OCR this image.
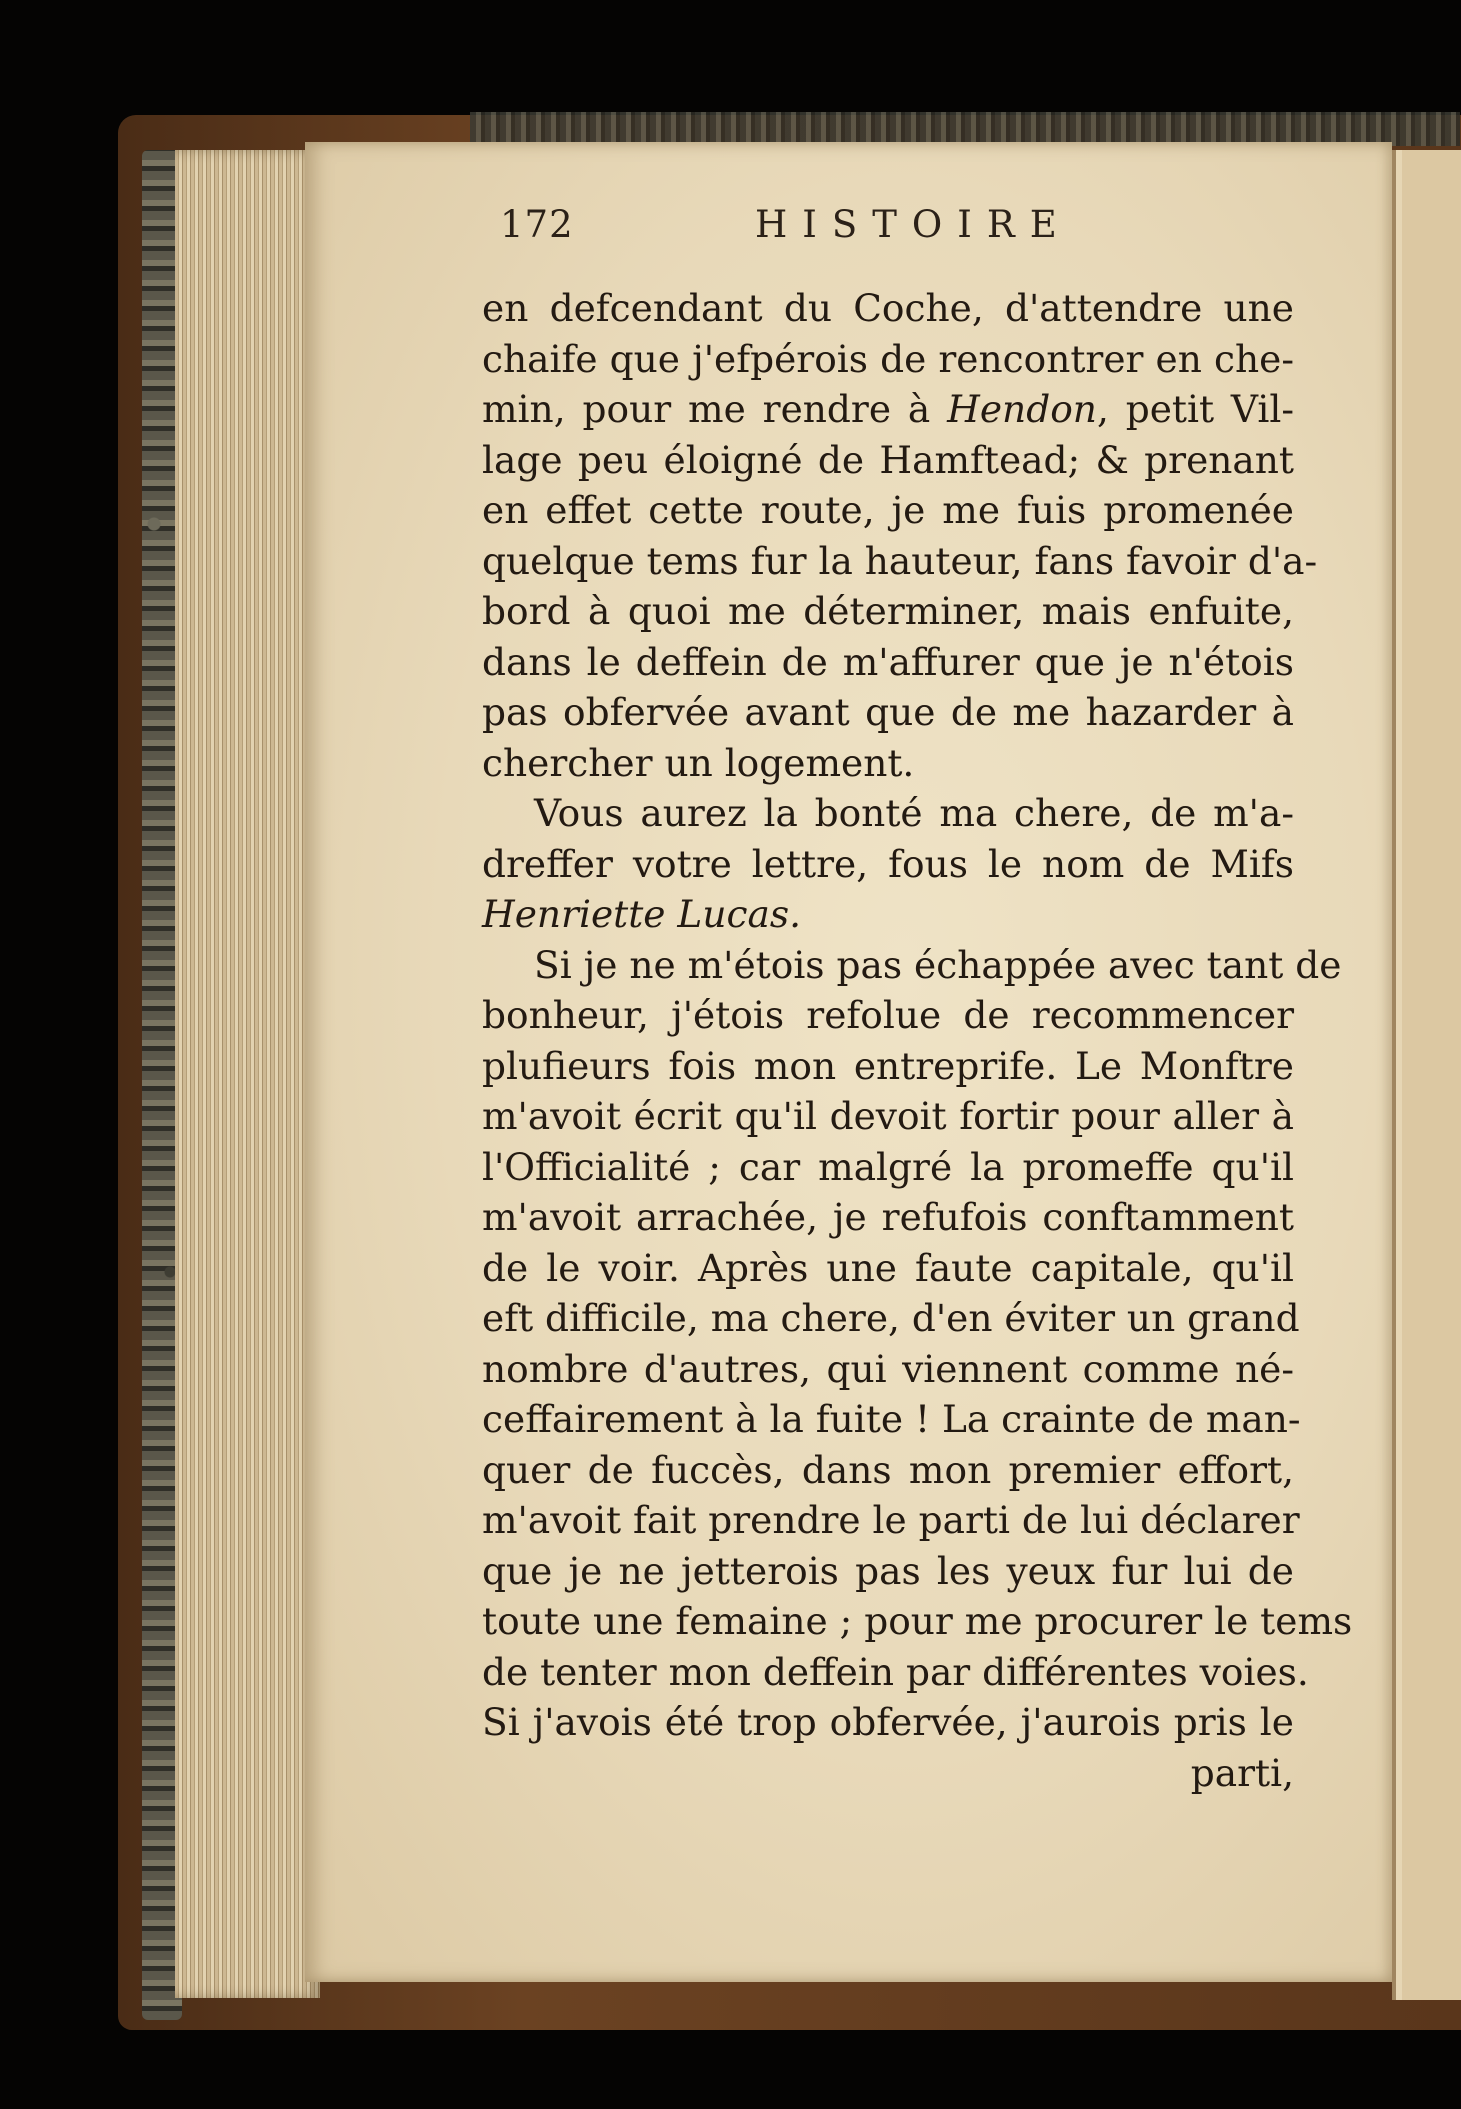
172	HISTOIRE
en defcendant du Coche, d'attendre une
chaife que j'efpérois de rencontrer en che-
min, pour me rendre à Hendon, petit Vil-
lage peu éloigné de Hamftead; & prenant
en effet cette route, je me fuis promenée
quelque tems fur la hauteur, fans favoir d'a-
bord à quoi me déterminer, mais enfuite,
dans le deffein de m'affurer que je n'étois
pas obfervée avant que de me hazarder à
chercher un logement.
Vous aurez la bonté ma chere, de m'a-
dreffer votre lettre, fous le nom de Mifs
Henriette Lucas.
Si je ne m'étois pas échappée avec tant de
bonheur, j'étois refolue de recommencer
plufieurs fois mon entreprife. Le Monftre
m'avoit écrit qu'il devoit fortir pour aller à
l'Officialité ; car malgré la promeffe qu'il
m'avoit arrachée, je refufois conftamment
de le voir. Après une faute capitale, qu'il
eft difficile, ma chere, d'en éviter un grand
nombre d'autres, qui viennent comme né-
ceffairement à la fuite ! La crainte de man-
quer de fuccès, dans mon premier effort,
m'avoit fait prendre le parti de lui déclarer
que je ne jetterois pas les yeux fur lui de
toute une femaine ; pour me procurer le tems
de tenter mon deffein par différentes voies.
Si j'avois été trop obfervée, j'aurois pris le
parti,
